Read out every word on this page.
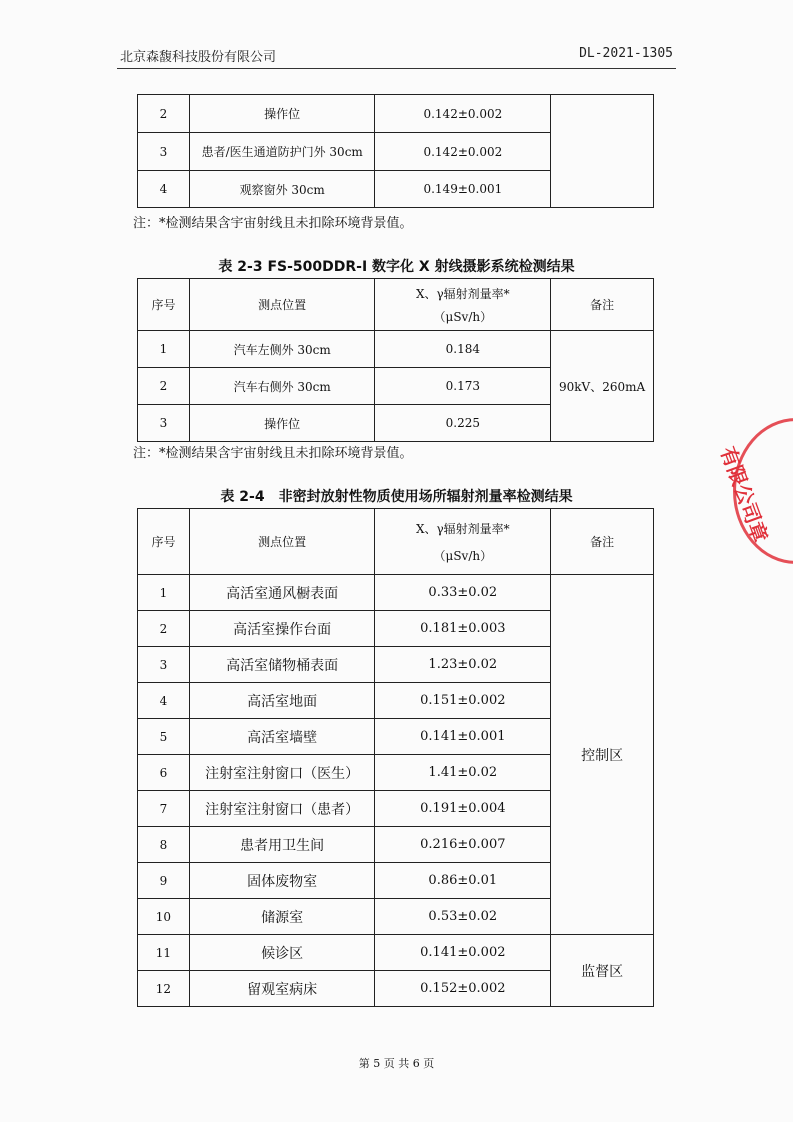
北京森馥科技股份有限公司	DL-2021-1305
2	操作位	0.142±0.002	
3	患者/医生通道防护门外 30cm	0.142±0.002	
4	观察窗外 30cm	0.149±0.001	
注：*检测结果含宇宙射线且未扣除环境背景值。
表 2-3 FS-500DDR-I 数字化 X 射线摄影系统检测结果
序号	测点位置	X、γ辐射剂量率*
（μSv/h）	备注
1	汽车左侧外 30cm	0.184	90kV、260mA
2	汽车右侧外 30cm	0.173	
3	操作位	0.225	
注：*检测结果含宇宙射线且未扣除环境背景值。
表 2-4　非密封放射性物质使用场所辐射剂量率检测结果
序号	测点位置	X、γ辐射剂量率*
（μSv/h）	备注
1	高活室通风橱表面	0.33±0.02	控制区
2	高活室操作台面	0.181±0.003	
3	高活室储物桶表面	1.23±0.02	
4	高活室地面	0.151±0.002	
5	高活室墙壁	0.141±0.001	
6	注射室注射窗口（医生）	1.41±0.02	
7	注射室注射窗口（患者）	0.191±0.004	
8	患者用卫生间	0.216±0.007	
9	固体废物室	0.86±0.01	
10	储源室	0.53±0.02	
11	候诊区	0.141±0.002	监督区
12	留观室病床	0.152±0.002	
有限公司章
第 5 页 共 6 页
